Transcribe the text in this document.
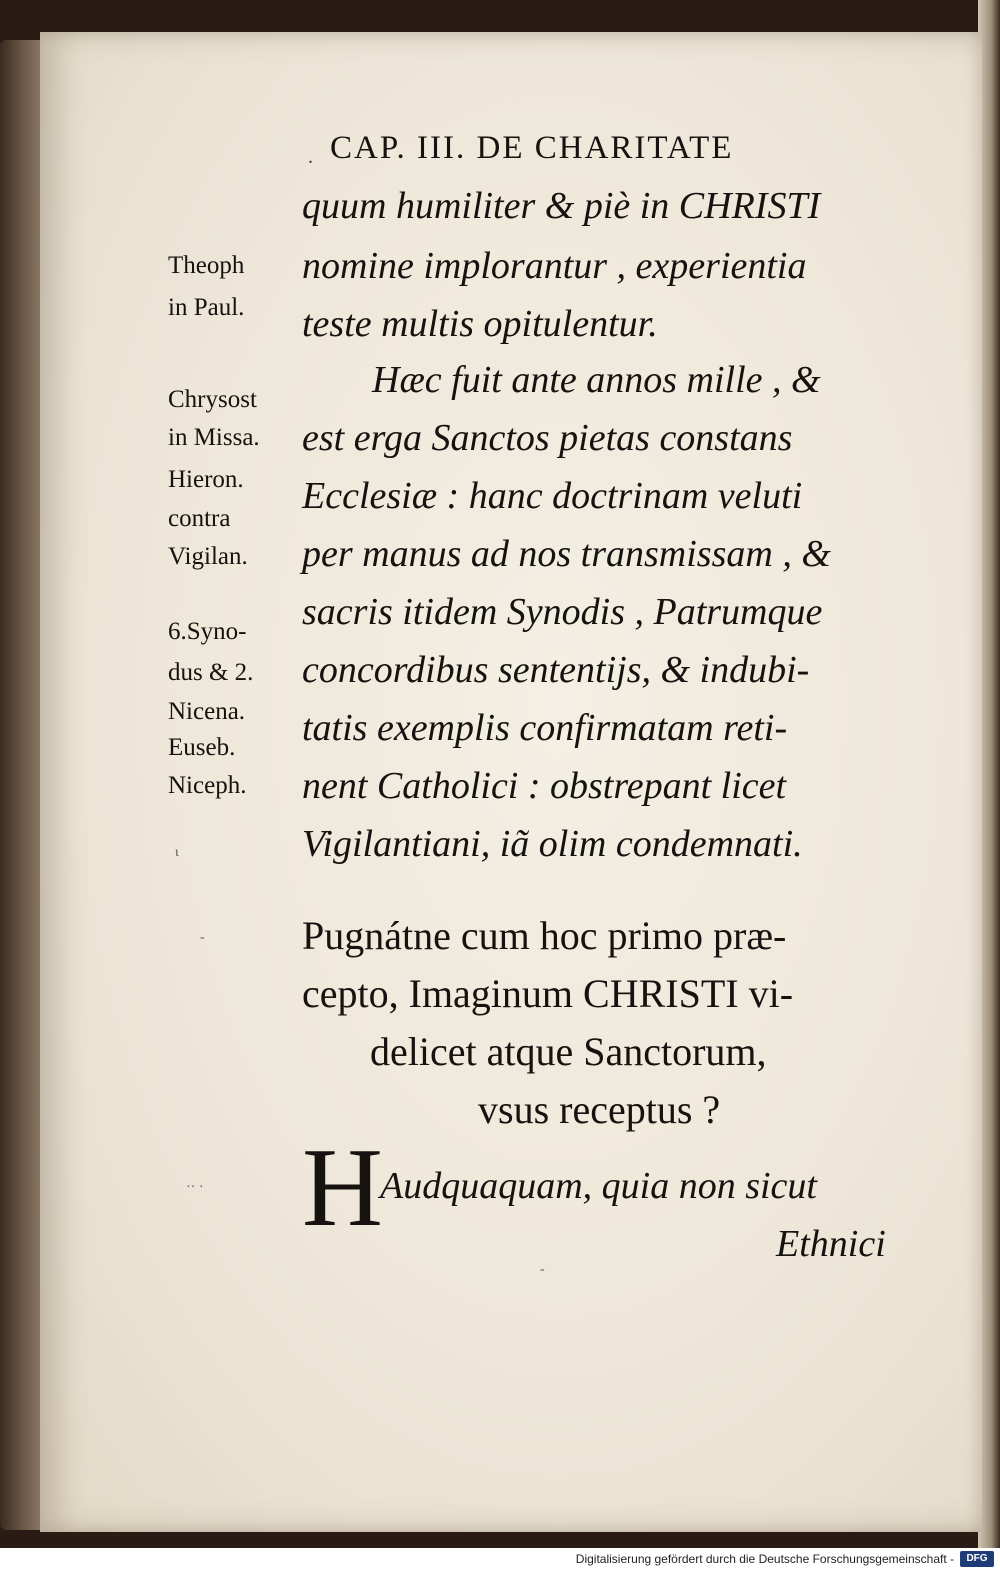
. CAP. III. DE CHARITATE
quum humiliter & piè in CHRISTI
nomine implorantur , experientia
teste multis opitulentur.
Hæc fuit ante annos mille , &
est erga Sanctos pietas constans
Ecclesiæ : hanc doctrinam veluti
per manus ad nos transmissam , &
sacris itidem Synodis , Patrumque
concordibus sententijs, & indubi-
tatis exemplis confirmatam reti-
nent Catholici : obstrepant licet
Vigilantiani, iã olim condemnati.
Theoph
in Paul.
Chrysost
in Missa.
Hieron.
contra
Vigilan.
6.Syno-
dus & 2.
Nicena.
Euseb.
Niceph.
Pugnátne cum hoc primo præ-
cepto, Imaginum CHRISTI vi-
delicet atque Sanctorum,
vsus receptus ?
H
Audquaquam, quia non sicut
Ethnici
ι
-
·· ·
-
Digitalisierung gefördert durch die Deutsche Forschungsgemeinschaft -	DFG
